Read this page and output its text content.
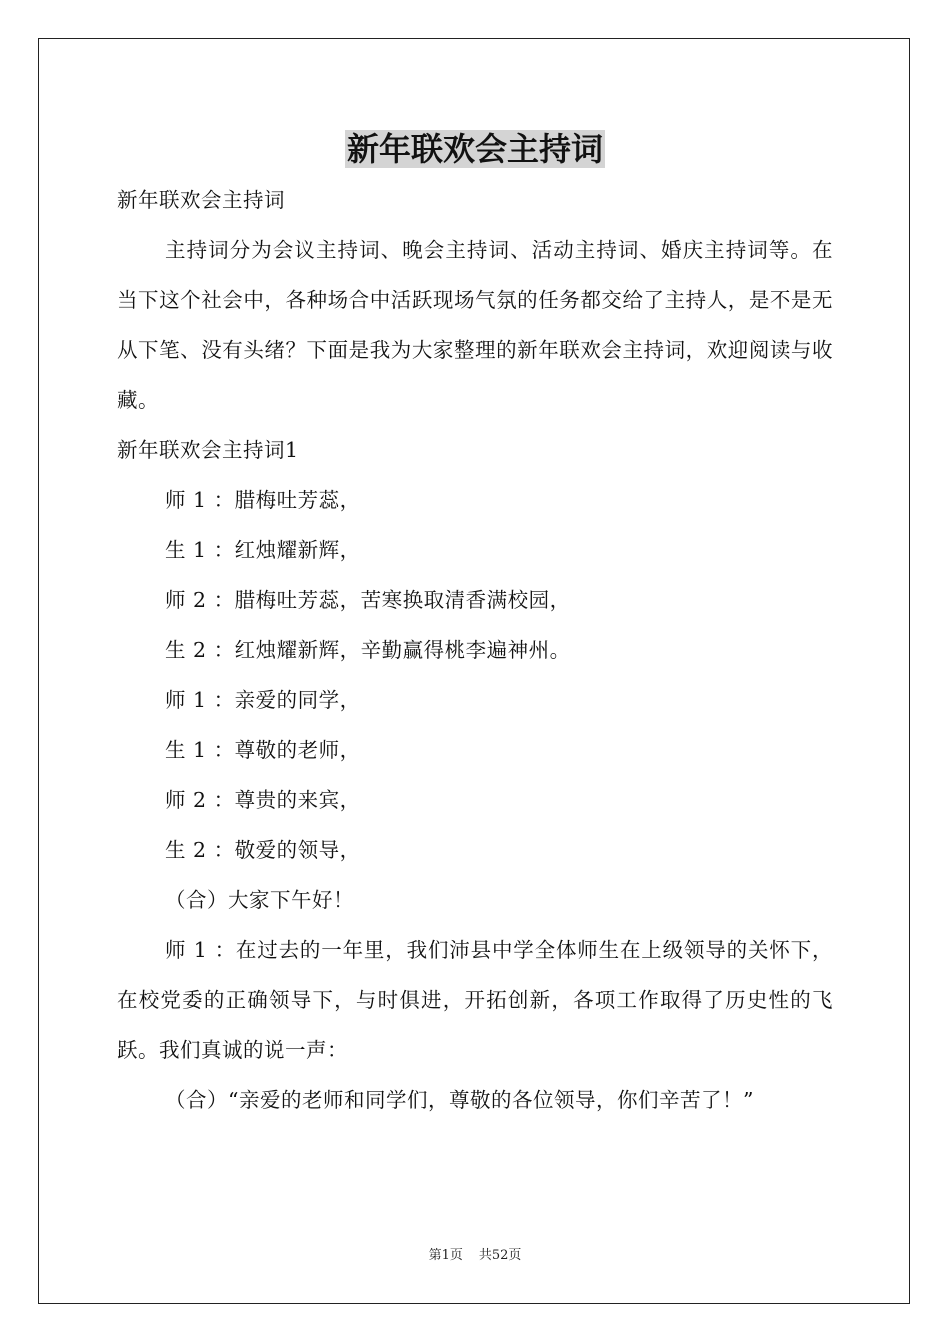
新年联欢会主持词

新年联欢会主持词

主持词分为会议主持词、晚会主持词、活动主持词、婚庆主持词等。在当下这个社会中，各种场合中活跃现场气氛的任务都交给了主持人，是不是无从下笔、没有头绪？下面是我为大家整理的新年联欢会主持词，欢迎阅读与收藏。

新年联欢会主持词1

师 1 ：腊梅吐芳蕊，

生 1 ：红烛耀新辉，

师 2 ：腊梅吐芳蕊，苦寒换取清香满校园，

生 2 ：红烛耀新辉，辛勤赢得桃李遍神州。

师 1 ：亲爱的同学，

生 1 ：尊敬的老师，

师 2 ：尊贵的来宾，

生 2 ：敬爱的领导，

（合）大家下午好！

师 1 ：在过去的一年里，我们沛县中学全体师生在上级领导的关怀下，在校党委的正确领导下，与时俱进，开拓创新，各项工作取得了历史性的飞跃。我们真诚的说一声：

（合）“亲爱的老师和同学们，尊敬的各位领导，你们辛苦了！”

第1页 共52页
